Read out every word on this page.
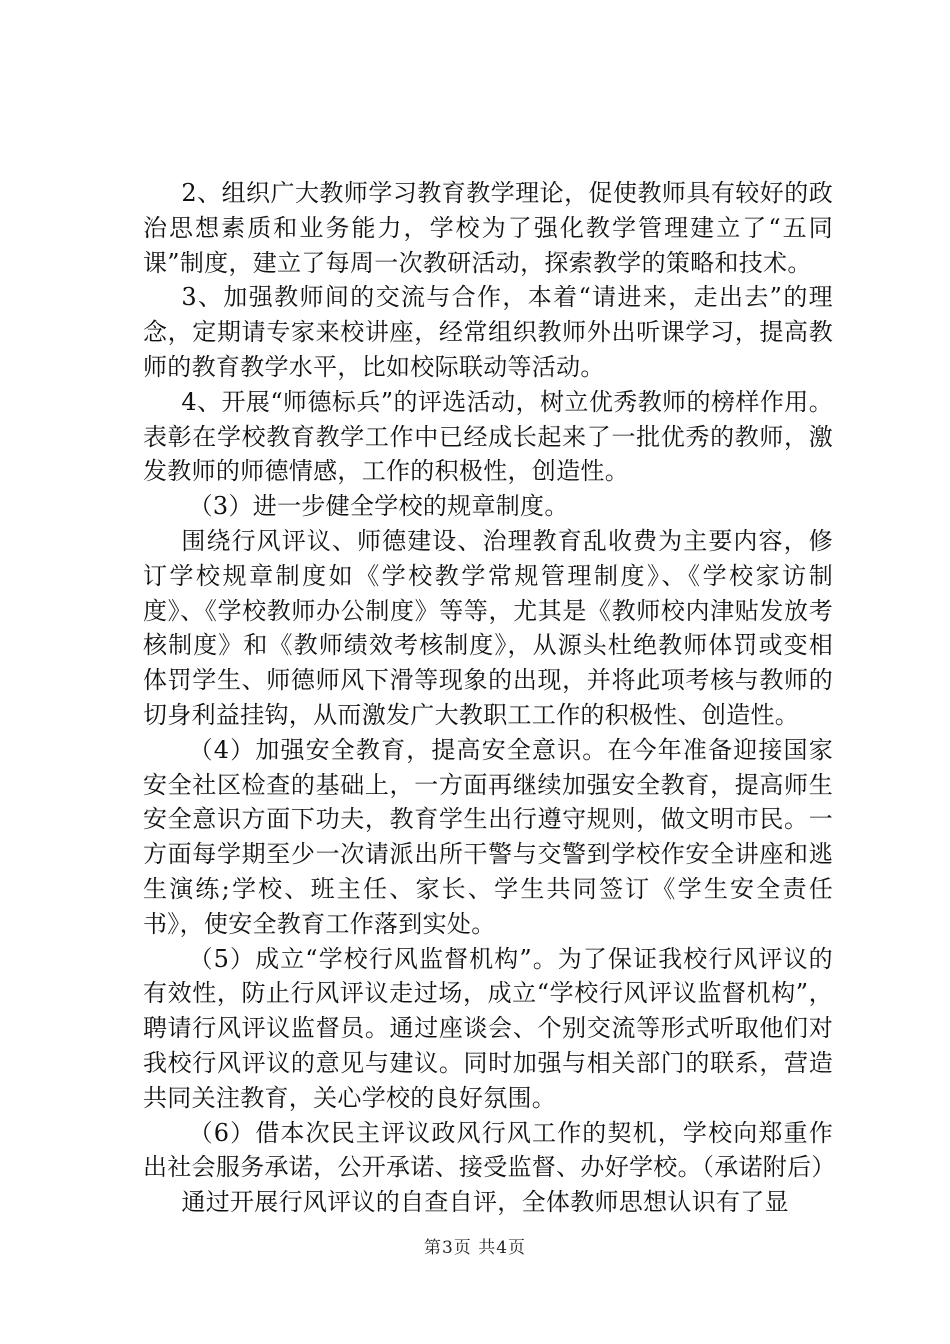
2、组织广大教师学习教育教学理论，促使教师具有较好的政治思想素质和业务能力，学校为了强化教学管理建立了“五同课”制度，建立了每周一次教研活动，探索教学的策略和技术。

3、加强教师间的交流与合作，本着“请进来，走出去”的理念，定期请专家来校讲座，经常组织教师外出听课学习，提高教师的教育教学水平，比如校际联动等活动。

4、开展“师德标兵”的评选活动，树立优秀教师的榜样作用。表彰在学校教育教学工作中已经成长起来了一批优秀的教师，激发教师的师德情感，工作的积极性，创造性。

（3）进一步健全学校的规章制度。

围绕行风评议、师德建设、治理教育乱收费为主要内容，修订学校规章制度如《学校教学常规管理制度》、《学校家访制度》、《学校教师办公制度》等等，尤其是《教师校内津贴发放考核制度》和《教师绩效考核制度》，从源头杜绝教师体罚或变相体罚学生、师德师风下滑等现象的出现，并将此项考核与教师的切身利益挂钩，从而激发广大教职工工作的积极性、创造性。

（4）加强安全教育，提高安全意识。在今年准备迎接国家安全社区检查的基础上，一方面再继续加强安全教育，提高师生安全意识方面下功夫，教育学生出行遵守规则，做文明市民。一方面每学期至少一次请派出所干警与交警到学校作安全讲座和逃生演练;学校、班主任、家长、学生共同签订《学生安全责任书》，使安全教育工作落到实处。

（5）成立“学校行风监督机构”。为了保证我校行风评议的有效性，防止行风评议走过场，成立“学校行风评议监督机构”，聘请行风评议监督员。通过座谈会、个别交流等形式听取他们对我校行风评议的意见与建议。同时加强与相关部门的联系，营造共同关注教育，关心学校的良好氛围。

（6）借本次民主评议政风行风工作的契机，学校向郑重作出社会服务承诺，公开承诺、接受监督、办好学校。（承诺附后）

通过开展行风评议的自查自评，全体教师思想认识有了显

第3页 共4页
